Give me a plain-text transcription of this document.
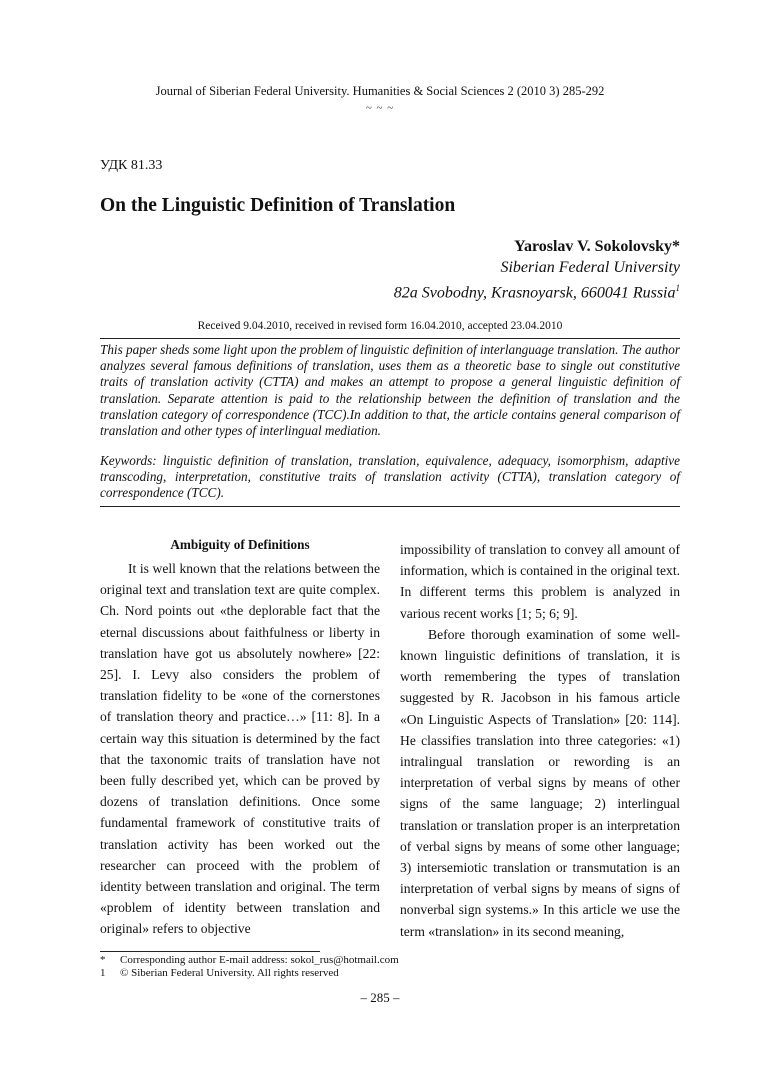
Journal of Siberian Federal University. Humanities & Social Sciences 2 (2010 3) 285-292
~ ~ ~
УДК 81.33
On the Linguistic Definition of Translation
Yaroslav V. Sokolovsky*
Siberian Federal University
82a Svobodny, Krasnoyarsk, 660041 Russia$^1$
Received 9.04.2010, received in revised form 16.04.2010, accepted 23.04.2010
This paper sheds some light upon the problem of linguistic definition of interlanguage translation. The author analyzes several famous definitions of translation, uses them as a theoretic base to single out constitutive traits of translation activity (CTTA) and makes an attempt to propose a general linguistic definition of translation. Separate attention is paid to the relationship between the definition of translation and the translation category of correspondence (TCC).In addition to that, the article contains general comparison of translation and other types of interlingual mediation.
Keywords: linguistic definition of translation, translation, equivalence, adequacy, isomorphism, adaptive transcoding, interpretation, constitutive traits of translation activity (CTTA), translation category of correspondence (TCC).
Ambiguity of Definitions

It is well known that the relations between the original text and translation text are quite complex. Ch. Nord points out «the deplorable fact that the eternal discussions about faithfulness or liberty in translation have got us absolutely nowhere» [22: 25]. I. Levy also considers the problem of translation fidelity to be «one of the cornerstones of translation theory and practice…» [11: 8]. In a certain way this situation is determined by the fact that the taxonomic traits of translation have not been fully described yet, which can be proved by dozens of translation definitions. Once some fundamental framework of constitutive traits of translation activity has been worked out the researcher can proceed with the problem of identity between translation and original. The term «problem of identity between translation and original» refers to objective

impossibility of translation to convey all amount of information, which is contained in the original text. In different terms this problem is analyzed in various recent works [1; 5; 6; 9].

Before thorough examination of some well-known linguistic definitions of translation, it is worth remembering the types of translation suggested by R. Jacobson in his famous article «On Linguistic Aspects of Translation» [20: 114]. He classifies translation into three categories: «1) intralingual translation or rewording is an interpretation of verbal signs by means of other signs of the same language; 2) interlingual translation or translation proper is an interpretation of verbal signs by means of some other language; 3) intersemiotic translation or transmutation is an interpretation of verbal signs by means of signs of nonverbal sign systems.» In this article we use the term «translation» in its second meaning,

* Corresponding author E-mail address: sokol_rus@hotmail.com
1 © Siberian Federal University. All rights reserved
– 285 –
